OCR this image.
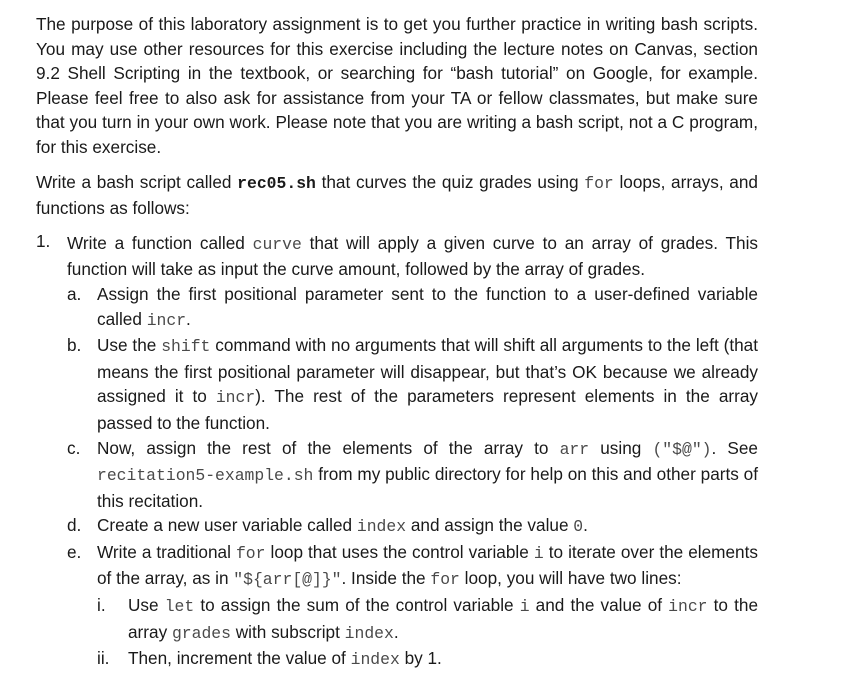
The purpose of this laboratory assignment is to get you further practice in writing bash scripts. You may use other resources for this exercise including the lecture notes on Canvas, section 9.2 Shell Scripting in the textbook, or searching for “bash tutorial” on Google, for example. Please feel free to also ask for assistance from your TA or fellow classmates, but make sure that you turn in your own work. Please note that you are writing a bash script, not a C program, for this exercise.

Write a bash script called rec05.sh that curves the quiz grades using for loops, arrays, and functions as follows:

1. Write a function called curve that will apply a given curve to an array of grades. This function will take as input the curve amount, followed by the array of grades.

a. Assign the first positional parameter sent to the function to a user-defined variable called incr.
b. Use the shift command with no arguments that will shift all arguments to the left (that means the first positional parameter will disappear, but that’s OK because we already assigned it to incr). The rest of the parameters represent elements in the array passed to the function.
c. Now, assign the rest of the elements of the array to arr using ("$@"). See recitation5-example.sh from my public directory for help on this and other parts of this recitation.
d. Create a new user variable called index and assign the value 0.
e. Write a traditional for loop that uses the control variable i to iterate over the elements of the array, as in "${arr[@]}". Inside the for loop, you will have two lines:
i. Use let to assign the sum of the control variable i and the value of incr to the array grades with subscript index.
ii. Then, increment the value of index by 1.
